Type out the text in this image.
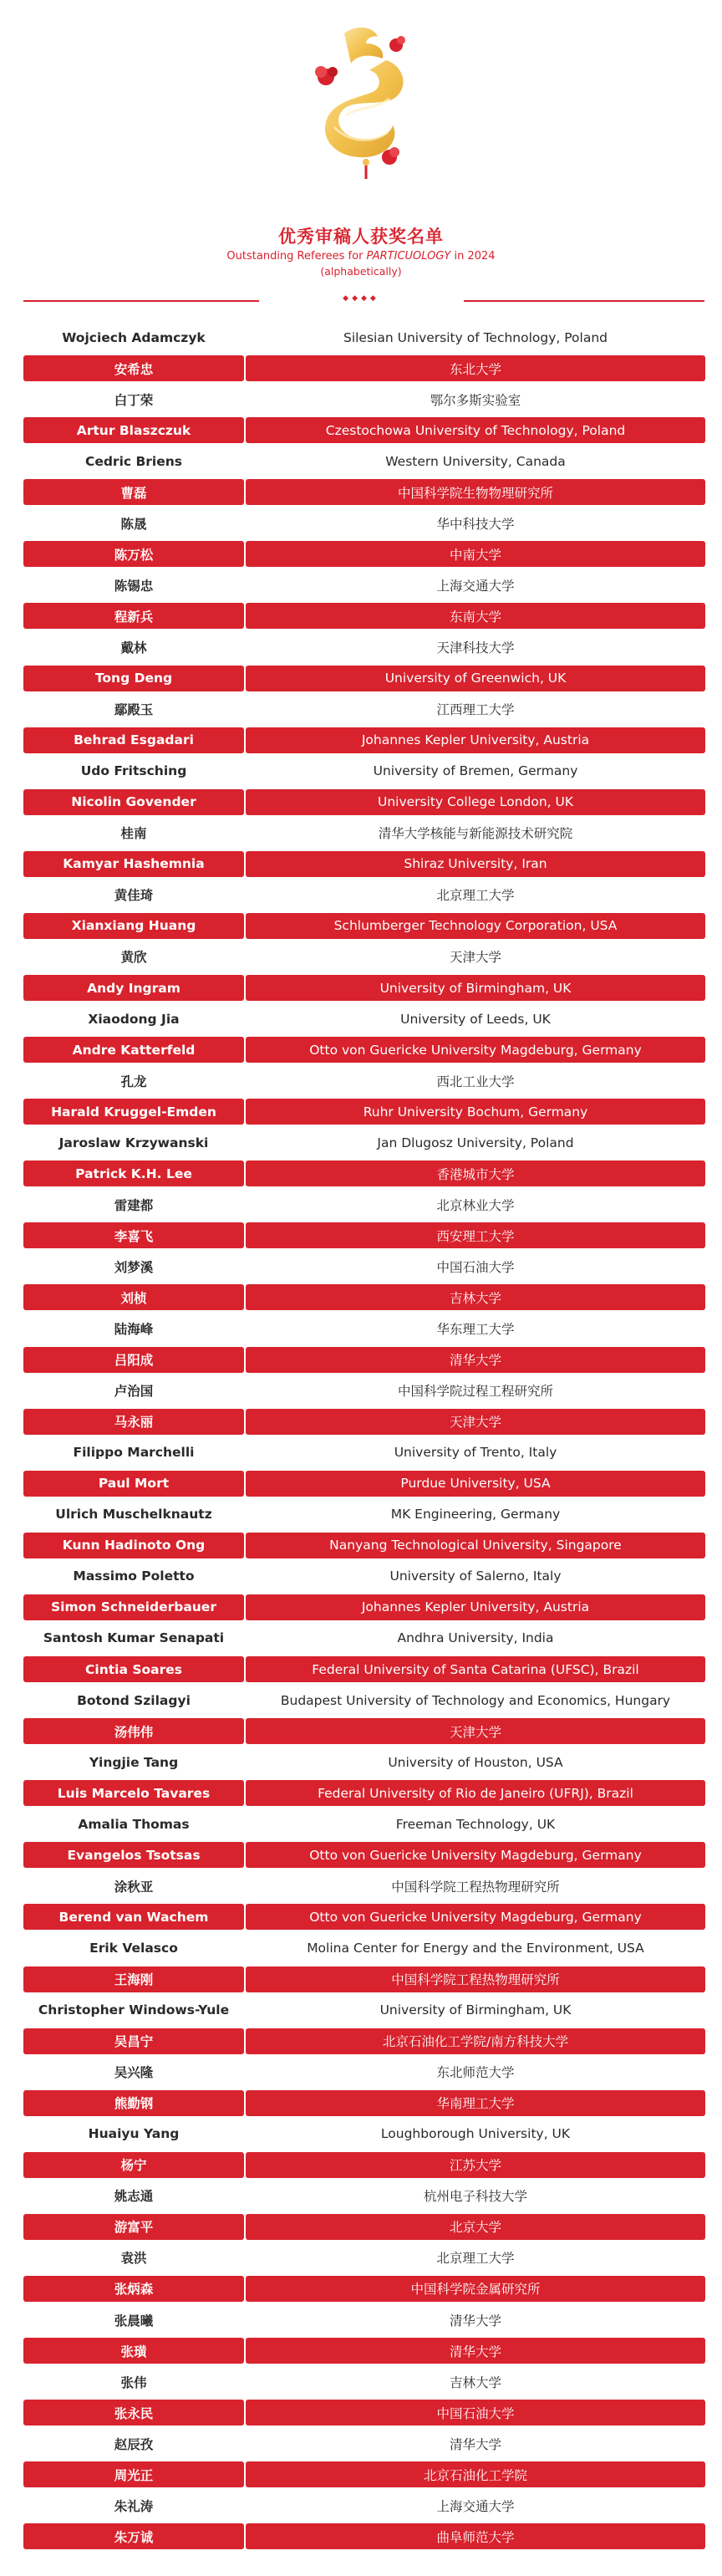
优秀审稿人获奖名单
Outstanding Referees for PARTICUOLOGY in 2024
(alphabetically)
◆◆◆◆
Wojciech Adamczyk	Silesian University of Technology, Poland
安希忠	东北大学
白丁荣	鄂尔多斯实验室
Artur Blaszczuk	Czestochowa University of Technology, Poland
Cedric Briens	Western University, Canada
曹磊	中国科学院生物物理研究所
陈晟	华中科技大学
陈万松	中南大学
陈锡忠	上海交通大学
程新兵	东南大学
戴林	天津科技大学
Tong Deng	University of Greenwich, UK
鄢殿玉	江西理工大学
Behrad Esgadari	Johannes Kepler University, Austria
Udo Fritsching	University of Bremen, Germany
Nicolin Govender	University College London, UK
桂南	清华大学核能与新能源技术研究院
Kamyar Hashemnia	Shiraz University, Iran
黄佳琦	北京理工大学
Xianxiang Huang	Schlumberger Technology Corporation, USA
黄欣	天津大学
Andy Ingram	University of Birmingham, UK
Xiaodong Jia	University of Leeds, UK
Andre Katterfeld	Otto von Guericke University Magdeburg, Germany
孔龙	西北工业大学
Harald Kruggel-Emden	Ruhr University Bochum, Germany
Jaroslaw Krzywanski	Jan Dlugosz University, Poland
Patrick K.H. Lee	香港城市大学
雷建都	北京林业大学
李喜飞	西安理工大学
刘梦溪	中国石油大学
刘桢	吉林大学
陆海峰	华东理工大学
吕阳成	清华大学
卢治国	中国科学院过程工程研究所
马永丽	天津大学
Filippo Marchelli	University of Trento, Italy
Paul Mort	Purdue University, USA
Ulrich Muschelknautz	MK Engineering, Germany
Kunn Hadinoto Ong	Nanyang Technological University, Singapore
Massimo Poletto	University of Salerno, Italy
Simon Schneiderbauer	Johannes Kepler University, Austria
Santosh Kumar Senapati	Andhra University, India
Cintia Soares	Federal University of Santa Catarina (UFSC), Brazil
Botond Szilagyi	Budapest University of Technology and Economics, Hungary
汤伟伟	天津大学
Yingjie Tang	University of Houston, USA
Luis Marcelo Tavares	Federal University of Rio de Janeiro (UFRJ), Brazil
Amalia Thomas	Freeman Technology, UK
Evangelos Tsotsas	Otto von Guericke University Magdeburg, Germany
涂秋亚	中国科学院工程热物理研究所
Berend van Wachem	Otto von Guericke University Magdeburg, Germany
Erik Velasco	Molina Center for Energy and the Environment, USA
王海刚	中国科学院工程热物理研究所
Christopher Windows-Yule	University of Birmingham, UK
吴昌宁	北京石油化工学院/南方科技大学
吴兴隆	东北师范大学
熊勤钢	华南理工大学
Huaiyu Yang	Loughborough University, UK
杨宁	江苏大学
姚志通	杭州电子科技大学
游富平	北京大学
袁洪	北京理工大学
张炳森	中国科学院金属研究所
张晨曦	清华大学
张璜	清华大学
张伟	吉林大学
张永民	中国石油大学
赵辰孜	清华大学
周光正	北京石油化工学院
朱礼涛	上海交通大学
朱万诚	曲阜师范大学
